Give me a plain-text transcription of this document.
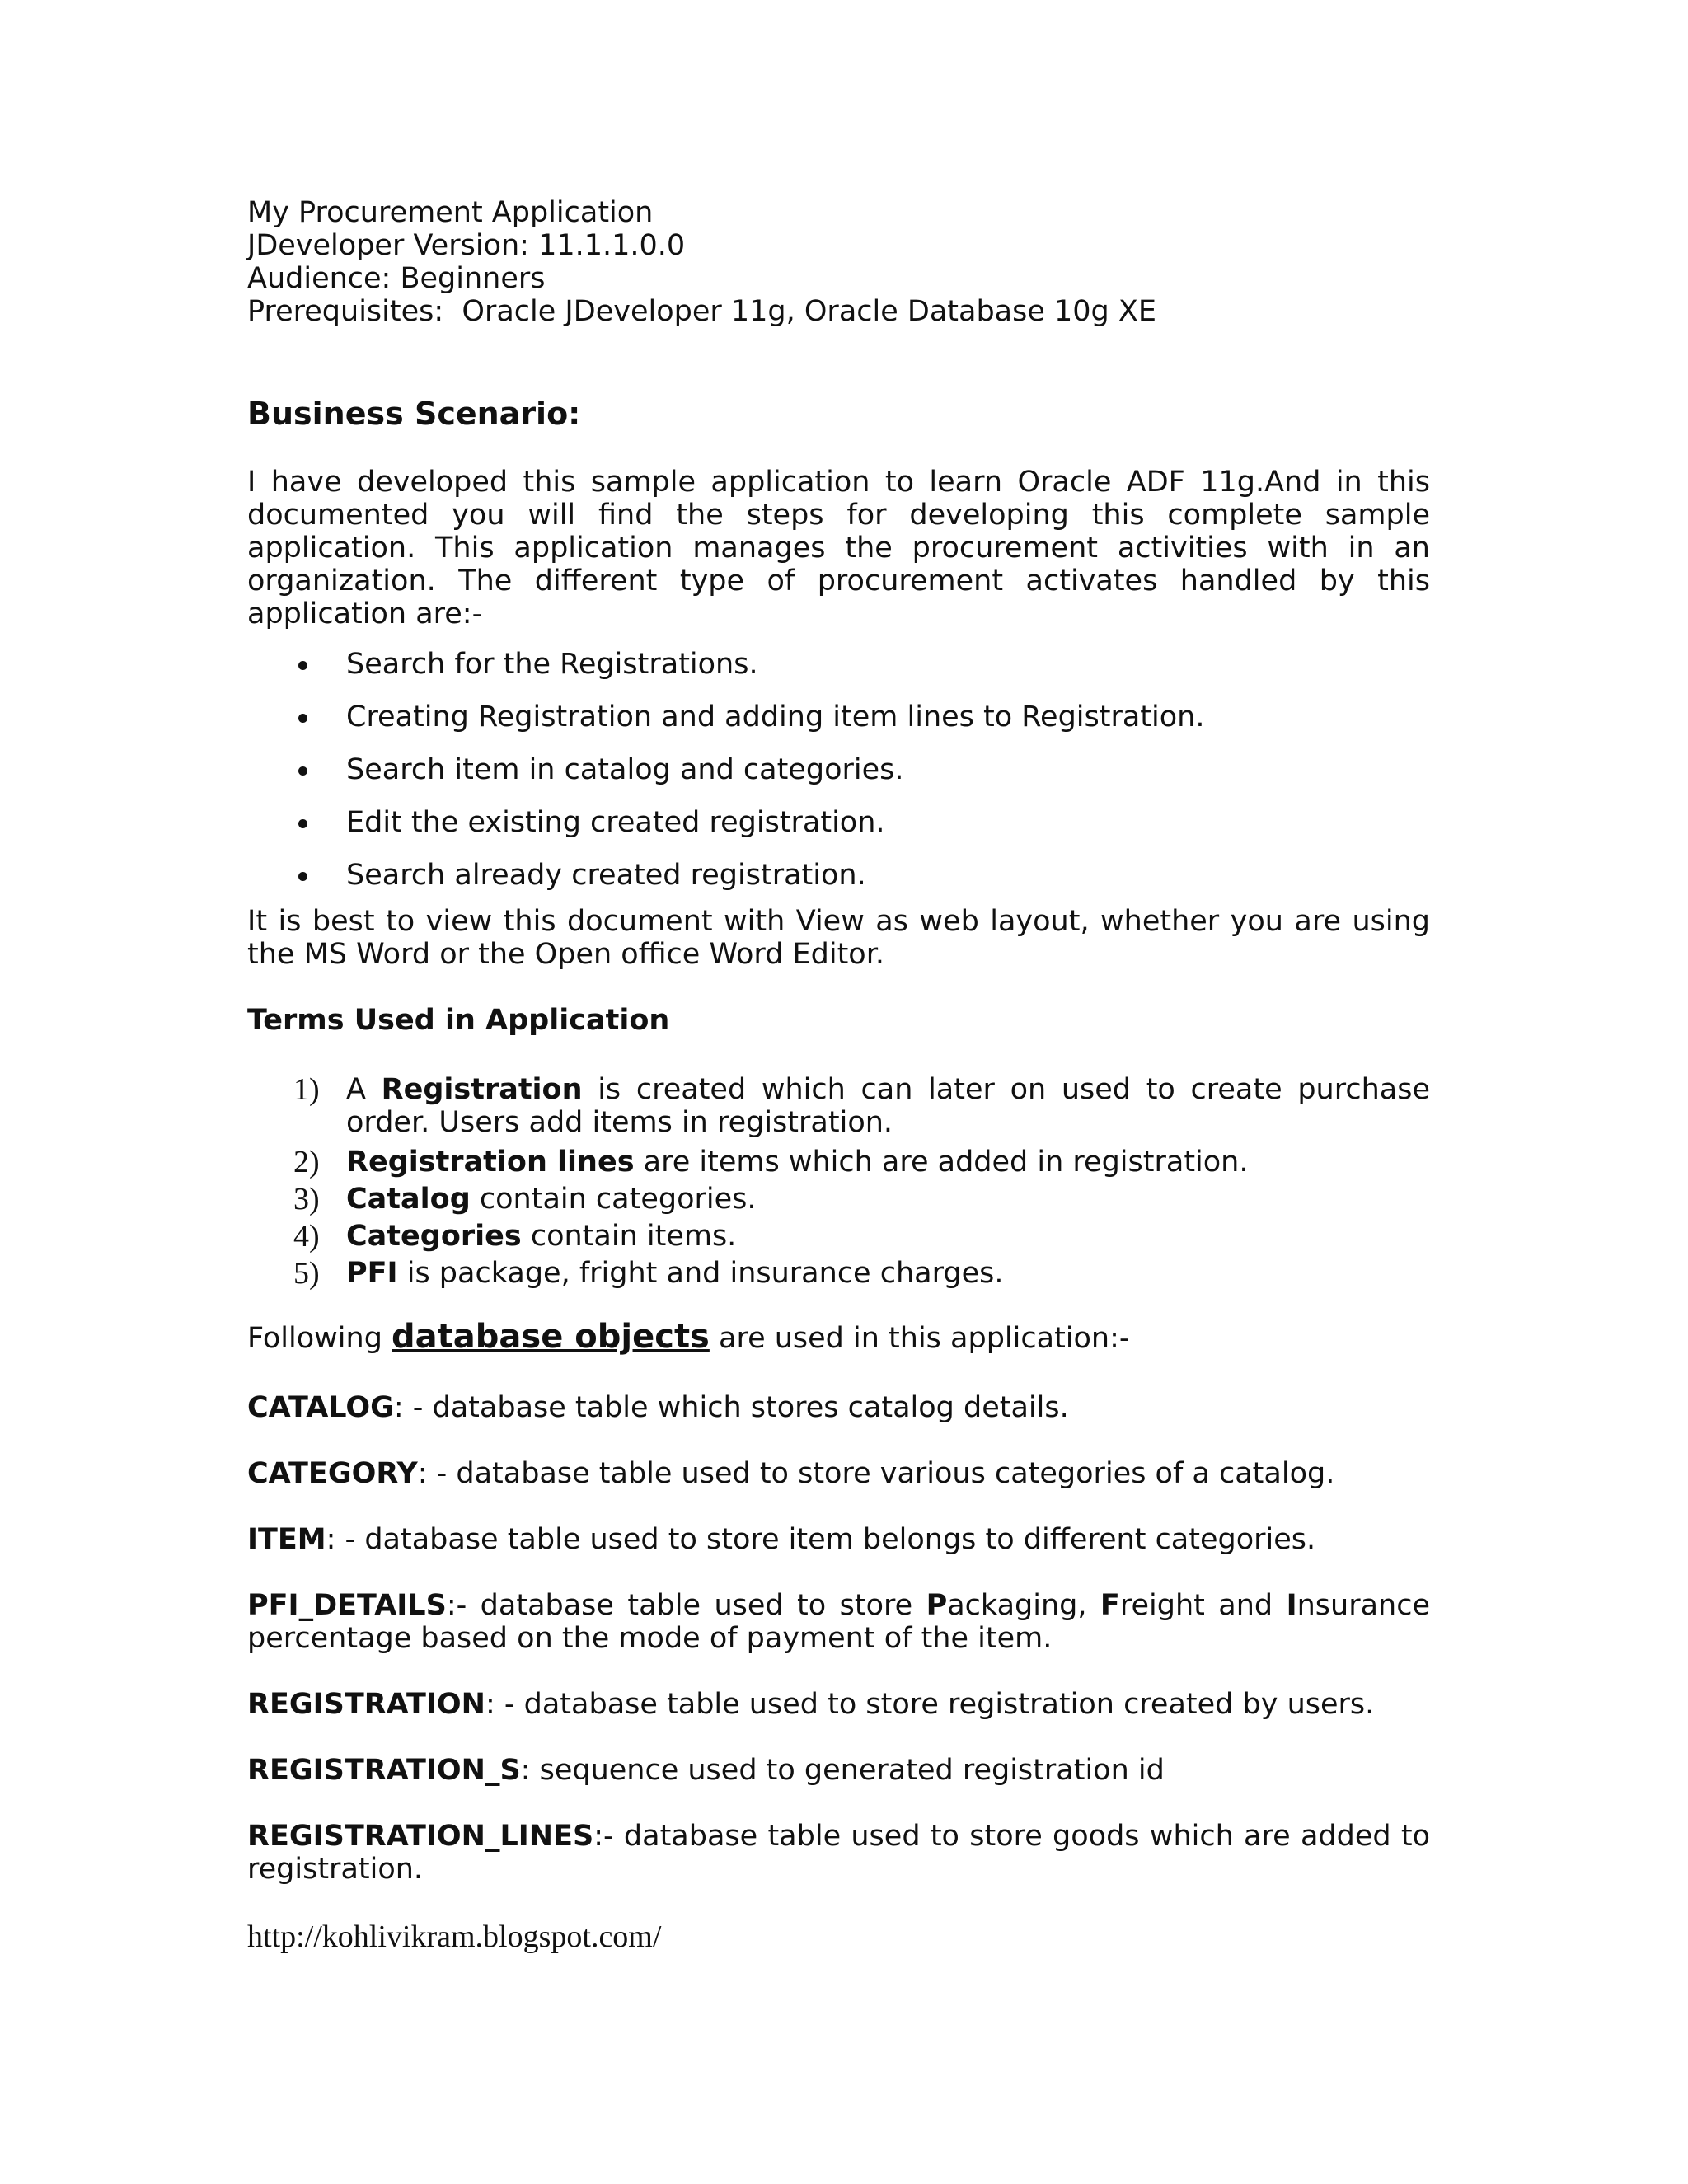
My Procurement Application
JDeveloper Version: 11.1.1.0.0
Audience: Beginners
Prerequisites:  Oracle JDeveloper 11g, Oracle Database 10g XE
Business Scenario:
I have developed this sample application to learn Oracle ADF 11g.And in this documented you will find the steps for developing this complete sample application. This application manages the procurement activities with in an organization. The different type of procurement activates handled by this application are:-
Search for the Registrations.
Creating Registration and adding item lines to Registration.
Search item in catalog and categories.
Edit the existing created registration.
Search already created registration.
It is best to view this document with View as web layout, whether you are using the MS Word or the Open office Word Editor.
Terms Used in Application
1) A Registration is created which can later on used to create purchase order. Users add items in registration.
2) Registration lines are items which are added in registration.
3) Catalog contain categories.
4) Categories contain items.
5) PFI is package, fright and insurance charges.
Following database objects are used in this application:-
CATALOG: - database table which stores catalog details.
CATEGORY: - database table used to store various categories of a catalog.
ITEM: - database table used to store item belongs to different categories.
PFI_DETAILS:- database table used to store Packaging, Freight and Insurance percentage based on the mode of payment of the item.
REGISTRATION: - database table used to store registration created by users.
REGISTRATION_S: sequence used to generated registration id
REGISTRATION_LINES:- database table used to store goods which are added to registration.
http://kohlivikram.blogspot.com/
